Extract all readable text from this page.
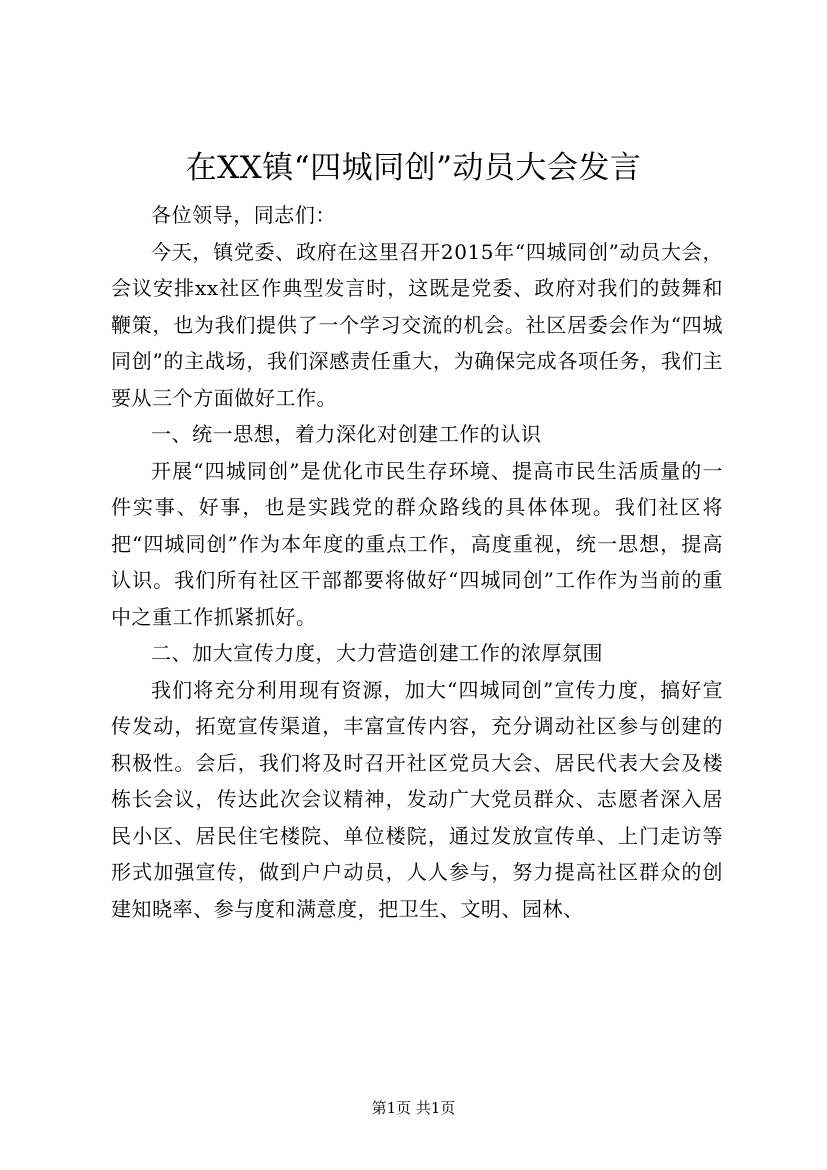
在XX镇“四城同创”动员大会发言

各位领导，同志们：

今天，镇党委、政府在这里召开2015年“四城同创”动员大会，会议安排xx社区作典型发言时，这既是党委、政府对我们的鼓舞和鞭策，也为我们提供了一个学习交流的机会。社区居委会作为“四城同创”的主战场，我们深感责任重大，为确保完成各项任务，我们主要从三个方面做好工作。

一、统一思想，着力深化对创建工作的认识

开展“四城同创”是优化市民生存环境、提高市民生活质量的一件实事、好事，也是实践党的群众路线的具体体现。我们社区将把“四城同创”作为本年度的重点工作，高度重视，统一思想，提高认识。我们所有社区干部都要将做好“四城同创”工作作为当前的重中之重工作抓紧抓好。

二、加大宣传力度，大力营造创建工作的浓厚氛围

我们将充分利用现有资源，加大“四城同创”宣传力度，搞好宣传发动，拓宽宣传渠道，丰富宣传内容，充分调动社区参与创建的积极性。会后，我们将及时召开社区党员大会、居民代表大会及楼栋长会议，传达此次会议精神，发动广大党员群众、志愿者深入居民小区、居民住宅楼院、单位楼院，通过发放宣传单、上门走访等形式加强宣传，做到户户动员，人人参与，努力提高社区群众的创建知晓率、参与度和满意度，把卫生、文明、园林、

第1页 共1页
